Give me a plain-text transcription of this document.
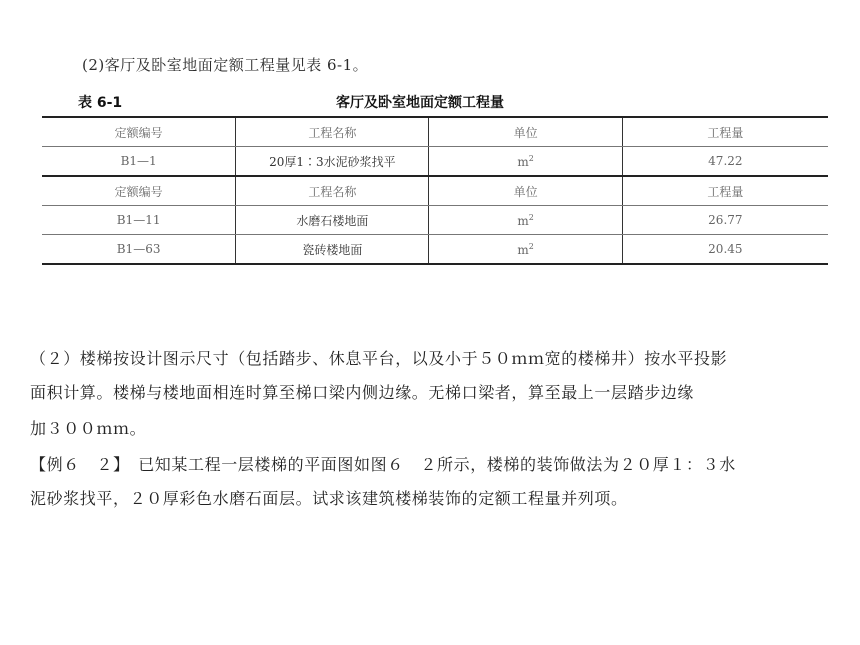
(2)客厅及卧室地面定额工程量见表 6-1。
表 6-1	客厅及卧室地面定额工程量
定额编号	工程名称	单位	工程量
B1—1	20厚1∶3水泥砂浆找平	$m^2$	47.22
定额编号	工程名称	单位	工程量
B1—11	水磨石楼地面	$m^2$	26.77
B1—63	瓷砖楼地面	$m^2$	20.45
（２）楼梯按设计图示尺寸（包括踏步、休息平台，以及小于５０ｍｍ宽的楼梯井）按水平投影
面积计算。楼梯与楼地面相连时算至梯口梁内侧边缘。无梯口梁者，算至最上一层踏步边缘
加３００ｍｍ。
【例６　２】　已知某工程一层楼梯的平面图如图６　２所示，楼梯的装饰做法为２０厚１：３水
泥砂浆找平，２０厚彩色水磨石面层。试求该建筑楼梯装饰的定额工程量并列项。
